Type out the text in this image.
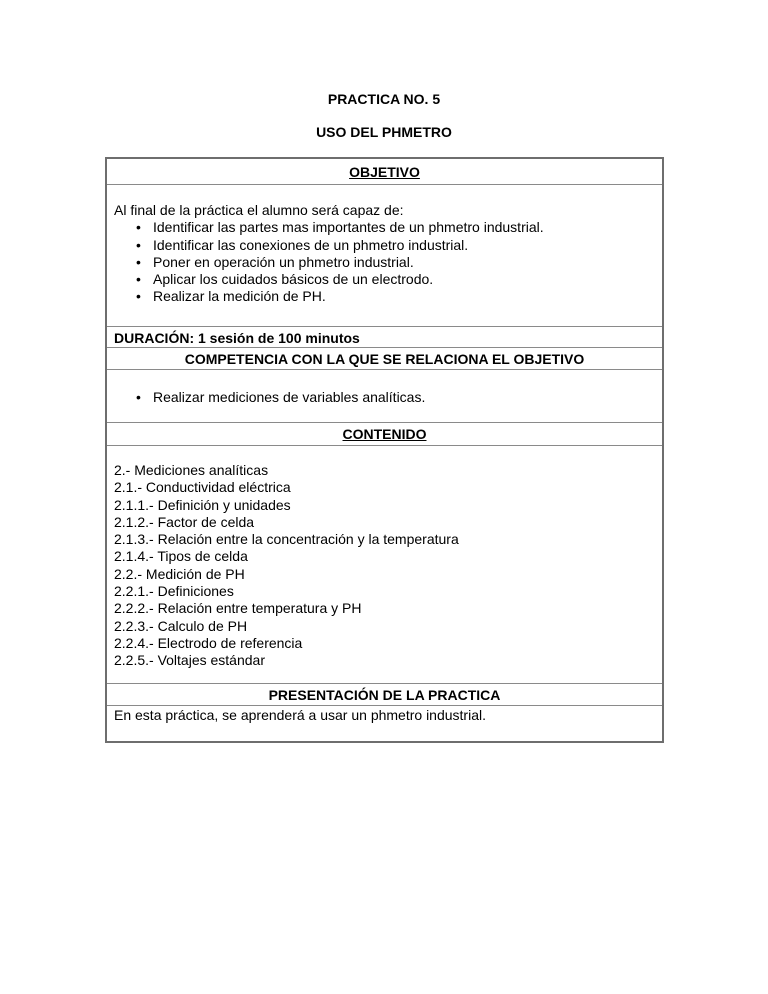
PRACTICA NO. 5
USO DEL PHMETRO
OBJETIVO
Al final de la práctica el alumno será capaz de:
• Identificar las partes mas importantes de un phmetro industrial.
• Identificar las conexiones de un phmetro industrial.
• Poner en operación un phmetro industrial.
• Aplicar los cuidados básicos de un electrodo.
• Realizar la medición de PH.
DURACIÓN: 1 sesión de 100 minutos
COMPETENCIA CON LA QUE SE RELACIONA EL OBJETIVO
• Realizar mediciones de variables analíticas.
CONTENIDO
2.- Mediciones analíticas
2.1.- Conductividad eléctrica
2.1.1.- Definición y unidades
2.1.2.- Factor de celda
2.1.3.- Relación entre la concentración y la temperatura
2.1.4.- Tipos de celda
2.2.- Medición de PH
2.2.1.- Definiciones
2.2.2.- Relación entre temperatura y PH
2.2.3.- Calculo de PH
2.2.4.- Electrodo de referencia
2.2.5.- Voltajes estándar
PRESENTACIÓN DE LA PRACTICA
En esta práctica, se aprenderá a usar un phmetro industrial.
